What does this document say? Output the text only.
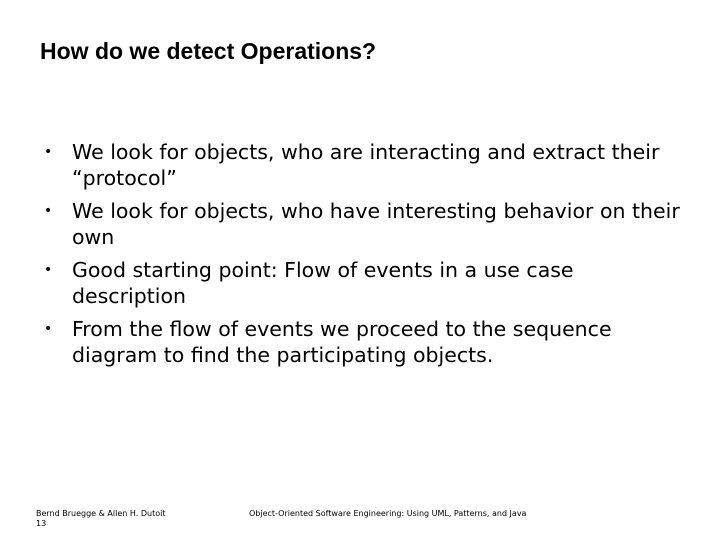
How do we detect Operations?
• We look for objects, who are interacting and extract their “protocol”
• We look for objects, who have interesting behavior on their own
• Good starting point: Flow of events in a use case description
• From the flow of events we proceed to the sequence diagram to find the participating objects.
Bernd Bruegge & Allen H. Dutoit
13
Object-Oriented Software Engineering: Using UML, Patterns, and Java
